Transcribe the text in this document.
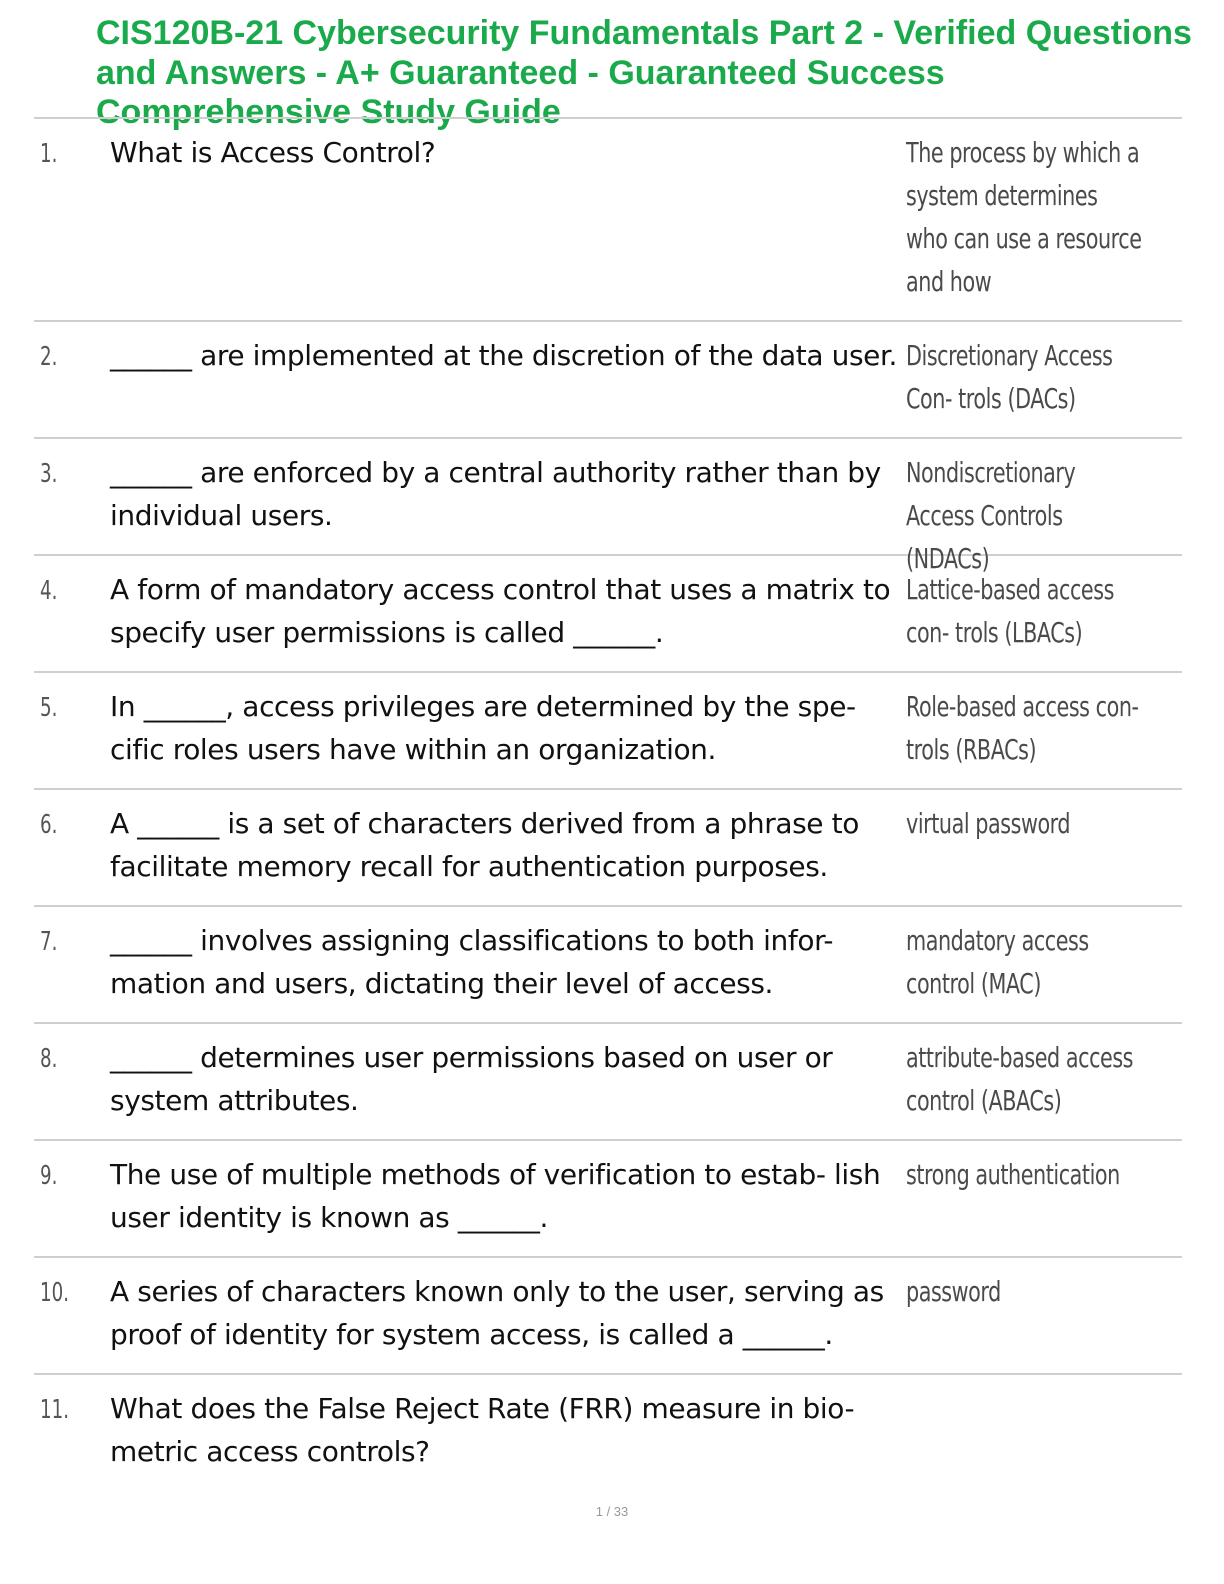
CIS120B-21 Cybersecurity Fundamentals Part 2 - Verified Questions and Answers - A+ Guaranteed - Guaranteed Success Comprehensive Study Guide
1. What is Access Control?	The process by which a system determines who can use a resource and how
2. ______ are implemented at the discretion of the data user. Discretionary Access Con- trols (DACs)
3. ______ are enforced by a central authority rather than by individual users.
Nondiscretionary Access Controls (NDACs)
4. A form of mandatory access control that uses a matrix to specify user permissions is called ______.
Lattice-based access con- trols (LBACs)
5. In ______, access privileges are determined by the spe- cific roles users have within an organization.
Role-based access con- trols (RBACs)
6. A ______ is a set of characters derived from a phrase to facilitate memory recall for authentication purposes.
virtual password
7. ______ involves assigning classifications to both infor- mation and users, dictating their level of access.
mandatory access control (MAC)
8. ______ determines user permissions based on user or system attributes.
attribute-based access control (ABACs)
9. The use of multiple methods of verification to estab- lish user identity is known as ______.
strong authentication
10. A series of characters known only to the user, serving as proof of identity for system access, is called a ______.
password
11. What does the False Reject Rate (FRR) measure in bio- metric access controls?
1 / 33
